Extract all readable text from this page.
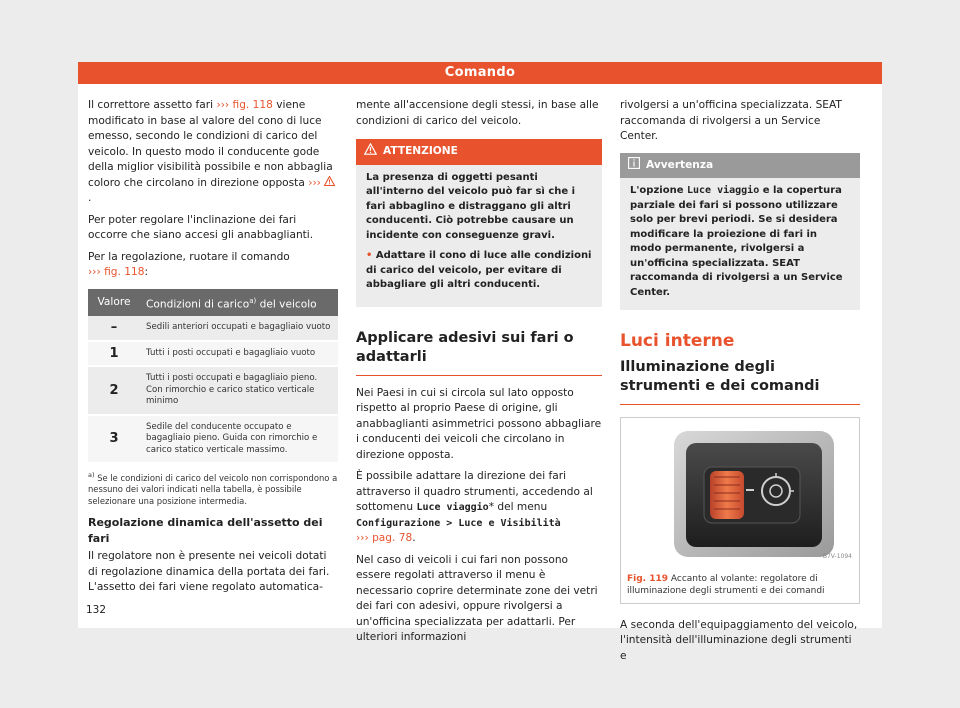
Comando

Il correttore assetto fari ››› fig. 118 viene modificato in base al valore del cono di luce emesso, secondo le condizioni di carico del veicolo. In questo modo il conducente gode della miglior visibilità possibile e non abbaglia coloro che circolano in direzione opposta ››› .

Per poter regolare l'inclinazione dei fari occorre che siano accesi gli anabbaglianti.

Per la regolazione, ruotare il comando
››› fig. 118:

Valore	Condizioni di carico$^{a)}$ del veicolo
–	Sedili anteriori occupati e bagagliaio vuoto
1	Tutti i posti occupati e bagagliaio vuoto
2	Tutti i posti occupati e bagagliaio pieno. Con rimorchio e carico statico verticale minimo
3	Sedile del conducente occupato e bagagliaio pieno. Guida con rimorchio e carico statico verticale massimo.
$^{a)}$ Se le condizioni di carico del veicolo non corrispondono a nessuno dei valori indicati nella tabella, è possibile selezionare una posizione intermedia.
Regolazione dinamica dell'assetto dei fari

Il regolatore non è presente nei veicoli dotati di regolazione dinamica della portata dei fari. L'assetto dei fari viene regolato automatica-

mente all'accensione degli stessi, in base alle condizioni di carico del veicolo.

ATTENZIONE

La presenza di oggetti pesanti all'interno del veicolo può far sì che i fari abbaglino e distraggano gli altri conducenti. Ciò potrebbe causare un incidente con conseguenze gravi.

• Adattare il cono di luce alle condizioni di carico del veicolo, per evitare di abbagliare gli altri conducenti.

Applicare adesivi sui fari o adattarli

Nei Paesi in cui si circola sul lato opposto rispetto al proprio Paese di origine, gli anabbaglianti asimmetrici possono abbagliare i conducenti dei veicoli che circolano in direzione opposta.

È possibile adattare la direzione dei fari attraverso il quadro strumenti, accedendo al sottomenu Luce viaggio* del menu Configurazione > Luce e Visibilità
››› pag. 78.

Nel caso di veicoli i cui fari non possono essere regolati attraverso il menu è necessario coprire determinate zone dei vetri dei fari con adesivi, oppure rivolgersi a un'officina specializzata per adattarli. Per ulteriori informazioni

rivolgersi a un'officina specializzata. SEAT raccomanda di rivolgersi a un Service Center.

Avvertenza
L'opzione Luce viaggio e la copertura parziale dei fari si possono utilizzare solo per brevi periodi. Se si desidera modificare la proiezione di fari in modo permanente, rivolgersi a un'officina specializzata. SEAT raccomanda di rivolgersi a un Service Center.
Luci interne
Illuminazione degli strumenti e dei comandi
B7V-1094
Fig. 119 Accanto al volante: regolatore di illuminazione degli strumenti e dei comandi

A seconda dell'equipaggiamento del veicolo, l'intensità dell'illuminazione degli strumenti e

132
